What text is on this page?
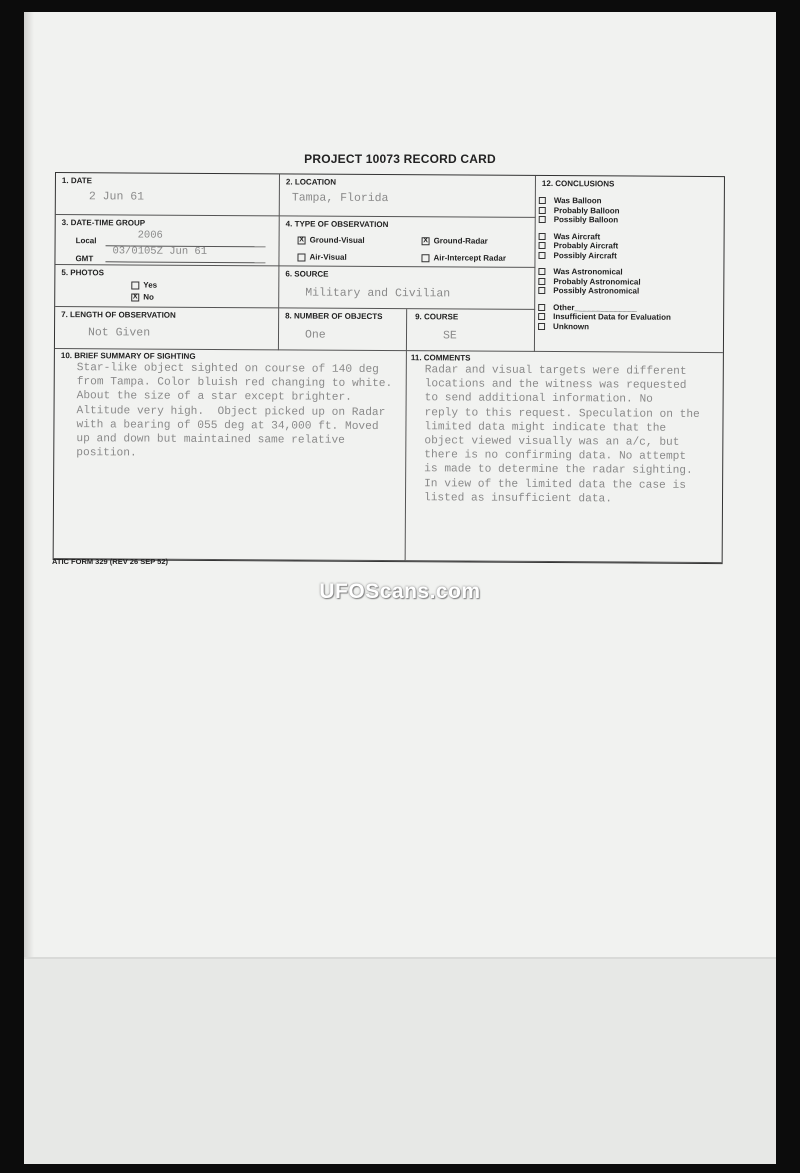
PROJECT 10073 RECORD CARD
1. DATE
2 Jun 61
3. DATE-TIME GROUP
Local	2006
GMT
03/0105Z Jun 61
5. PHOTOS
Yes
X No
7. LENGTH OF OBSERVATION
Not Given
10. BRIEF SUMMARY OF SIGHTING
Star-like object sighted on course of 140 deg
from Tampa. Color bluish red changing to white.
About the size of a star except brighter.
Altitude very high.  Object picked up on Radar
with a bearing of 055 deg at 34,000 ft. Moved
up and down but maintained same relative
position.
2. LOCATION
Tampa, Florida
4. TYPE OF OBSERVATION
X Ground-Visual	X Ground-Radar
Air-Visual	Air-Intercept Radar
6. SOURCE
Military and Civilian
8. NUMBER OF OBJECTS
One
9. COURSE
SE
11. COMMENTS
Radar and visual targets were different
locations and the witness was requested
to send additional information. No
reply to this request. Speculation on the
limited data might indicate that the
object viewed visually was an a/c, but
there is no confirming data. No attempt
is made to determine the radar sighting.
In view of the limited data the case is
listed as insufficient data.
12. CONCLUSIONS
Was Balloon
Probably Balloon
Possibly Balloon
Was Aircraft
Probably Aircraft
Possibly Aircraft
Was Astronomical
Probably Astronomical
Possibly Astronomical
Other______________
Insufficient Data for Evaluation
Unknown
ATIC FORM 329 (REV 26 SEP 52)
UFOScans.com
